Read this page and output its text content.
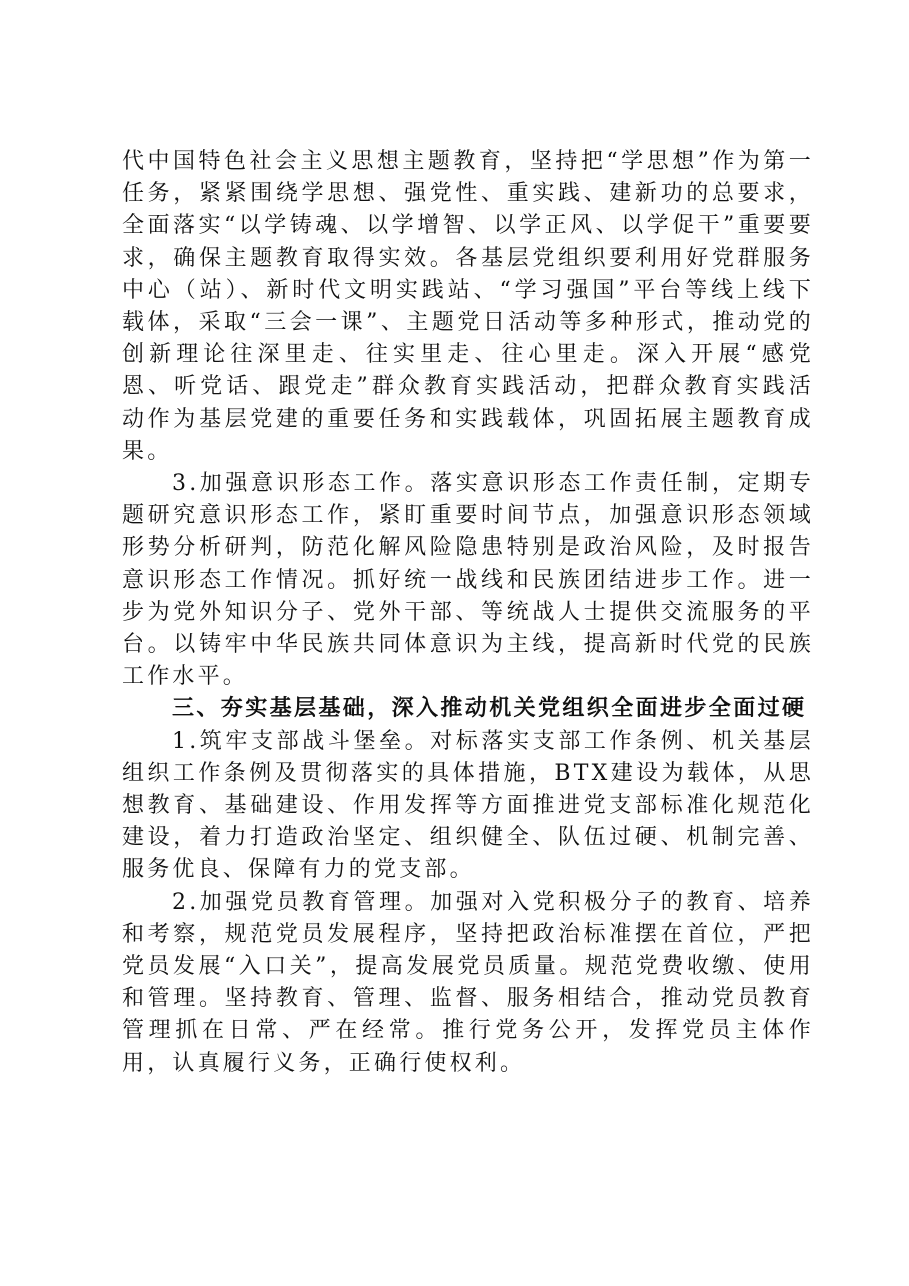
代中国特色社会主义思想主题教育，坚持把“学思想”作为第一任务，紧紧围绕学思想、强党性、重实践、建新功的总要求，全面落实“以学铸魂、以学增智、以学正风、以学促干”重要要求，确保主题教育取得实效。各基层党组织要利用好党群服务中心（站）、新时代文明实践站、“学习强国”平台等线上线下载体，采取“三会一课”、主题党日活动等多种形式，推动党的创新理论往深里走、往实里走、往心里走。深入开展“感党恩、听党话、跟党走”群众教育实践活动，把群众教育实践活动作为基层党建的重要任务和实践载体，巩固拓展主题教育成果。

3.加强意识形态工作。落实意识形态工作责任制，定期专题研究意识形态工作，紧盯重要时间节点，加强意识形态领域形势分析研判，防范化解风险隐患特别是政治风险，及时报告意识形态工作情况。抓好统一战线和民族团结进步工作。进一步为党外知识分子、党外干部、等统战人士提供交流服务的平台。以铸牢中华民族共同体意识为主线，提高新时代党的民族工作水平。

三、夯实基层基础，深入推动机关党组织全面进步全面过硬

1.筑牢支部战斗堡垒。对标落实支部工作条例、机关基层组织工作条例及贯彻落实的具体措施，BTX建设为载体，从思想教育、基础建设、作用发挥等方面推进党支部标准化规范化建设，着力打造政治坚定、组织健全、队伍过硬、机制完善、服务优良、保障有力的党支部。

2.加强党员教育管理。加强对入党积极分子的教育、培养和考察，规范党员发展程序，坚持把政治标准摆在首位，严把党员发展“入口关”，提高发展党员质量。规范党费收缴、使用和管理。坚持教育、管理、监督、服务相结合，推动党员教育管理抓在日常、严在经常。推行党务公开，发挥党员主体作用，认真履行义务，正确行使权利。
